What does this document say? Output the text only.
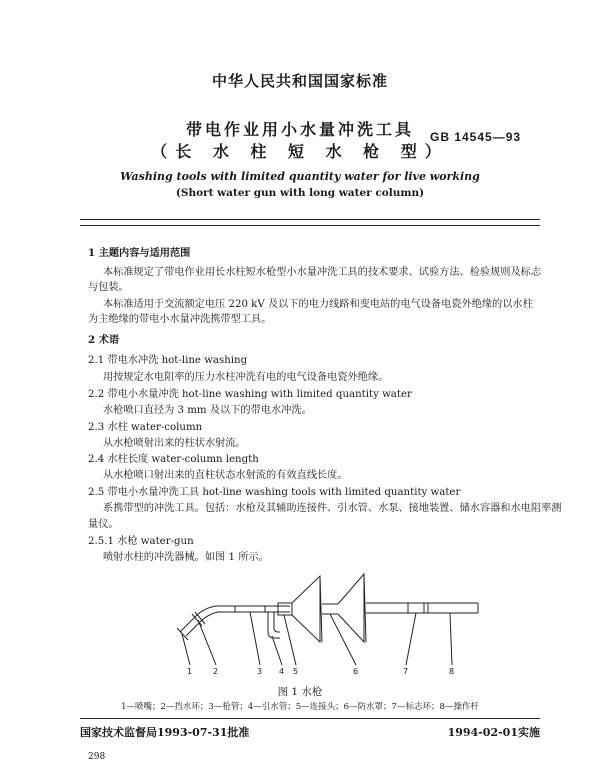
中华人民共和国国家标准
带电作业用小水量冲洗工具
（长 水 柱 短 水 枪 型）
GB 14545—93
Washing tools with limited quantity water for live working
(Short water gun with long water column)
1 主题内容与适用范围
本标准规定了带电作业用长水柱短水枪型小水量冲洗工具的技术要求、试验方法、检验规则及标志
与包装。
本标准适用于交流额定电压 220 kV 及以下的电力线路和变电站的电气设备电瓷外绝缘的以水柱
为主绝缘的带电小水量冲洗携带型工具。
2 术语
2.1 带电水冲洗 hot-line washing
用按规定水电阻率的压力水柱冲洗有电的电气设备电瓷外绝缘。
2.2 带电小水量冲洗 hot-line washing with limited quantity water
水枪喷口直径为 3 mm 及以下的带电水冲洗。
2.3 水柱 water-column
从水枪喷射出来的柱状水射流。
2.4 水柱长度 water-column length
从水枪喷口射出来的直柱状态水射流的有效直线长度。
2.5 带电小水量冲洗工具 hot-line washing tools with limited quantity water
系携带型的冲洗工具。包括：水枪及其辅助连接件、引水管、水泵、接地装置、储水容器和水电阻率测
量仪。
2.5.1 水枪 water-gun
喷射水柱的冲洗器械。如图 1 所示。
1	2	3 4 5	6	7	8
图 1 水枪
1—喷嘴；2—挡水环；3—枪管；4—引水管；5—连接头；6—防水罩；7—标志环；8—操作杆
国家技术监督局1993-07-31批准	1994-02-01实施
298
